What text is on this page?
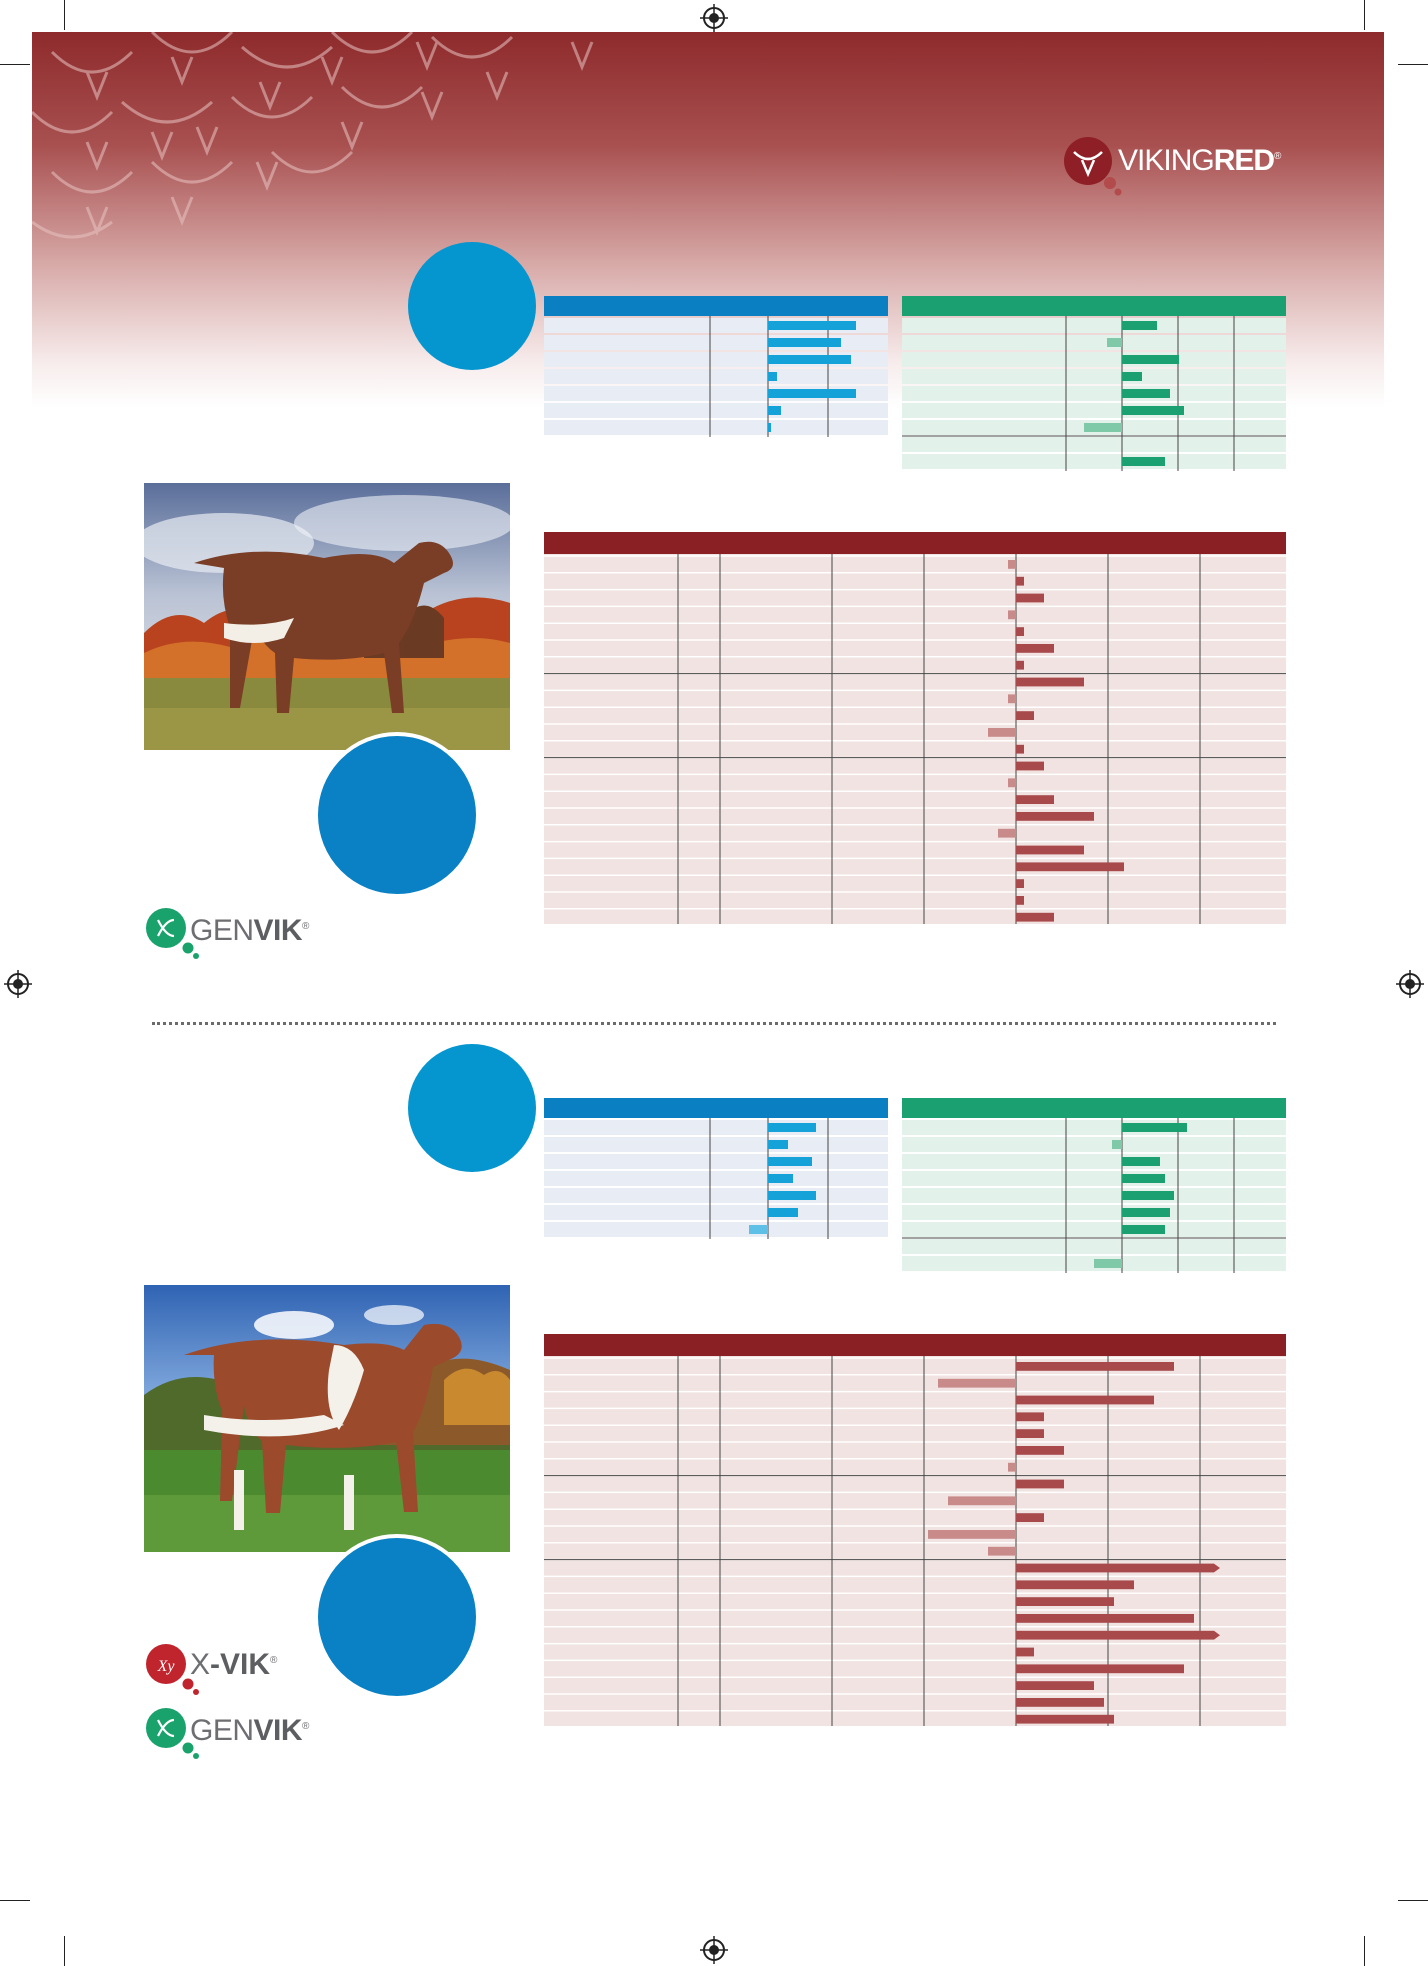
VIKINGRED®
GENVIK®
Xy X-VIK®
GENVIK®
